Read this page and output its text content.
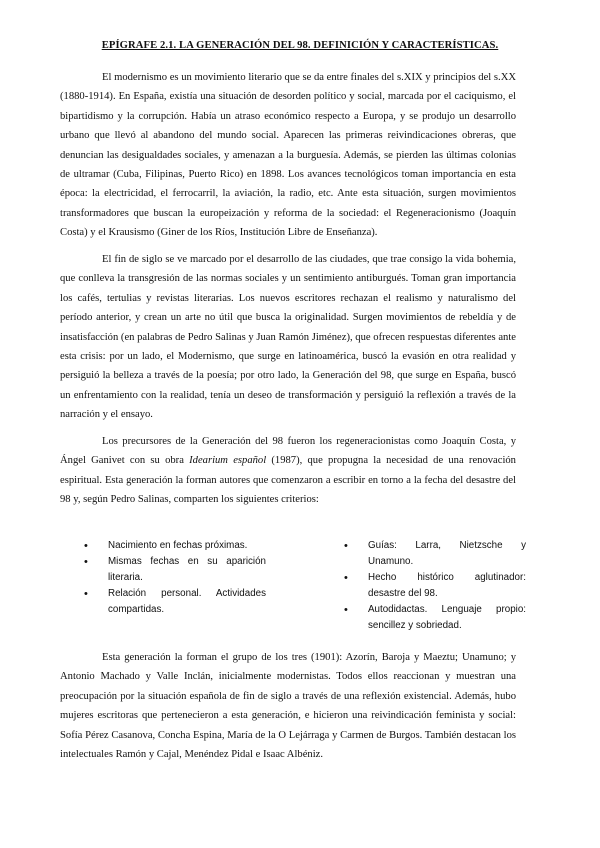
EPÍGRAFE 2.1. LA GENERACIÓN DEL 98. DEFINICIÓN Y CARACTERÍSTICAS.

El modernismo es un movimiento literario que se da entre finales del s.XIX y principios del s.XX (1880-1914). En España, existía una situación de desorden político y social, marcada por el caciquismo, el bipartidismo y la corrupción. Había un atraso económico respecto a Europa, y se produjo un desarrollo urbano que llevó al abandono del mundo social. Aparecen las primeras reivindicaciones obreras, que denuncian las desigualdades sociales, y amenazan a la burguesía. Además, se pierden las últimas colonias de ultramar (Cuba, Filipinas, Puerto Rico) en 1898. Los avances tecnológicos toman importancia en esta época: la electricidad, el ferrocarril, la aviación, la radio, etc. Ante esta situación, surgen movimientos transformadores que buscan la europeización y reforma de la sociedad: el Regeneracionismo (Joaquín Costa) y el Krausismo (Giner de los Ríos, Institución Libre de Enseñanza).

El fin de siglo se ve marcado por el desarrollo de las ciudades, que trae consigo la vida bohemia, que conlleva la transgresión de las normas sociales y un sentimiento antiburgués. Toman gran importancia los cafés, tertulias y revistas literarias. Los nuevos escritores rechazan el realismo y naturalismo del período anterior, y crean un arte no útil que busca la originalidad. Surgen movimientos de rebeldía y de insatisfacción (en palabras de Pedro Salinas y Juan Ramón Jiménez), que ofrecen respuestas diferentes ante esta crisis: por un lado, el Modernismo, que surge en latinoamérica, buscó la evasión en otra realidad y persiguió la belleza a través de la poesía; por otro lado, la Generación del 98, que surge en España, buscó un enfrentamiento con la realidad, tenía un deseo de transformación y persiguió la reflexión a través de la narración y el ensayo.

Los precursores de la Generación del 98 fueron los regeneracionistas como Joaquín Costa, y Ángel Ganivet con su obra Idearium español (1987), que propugna la necesidad de una renovación espiritual. Esta generación la forman autores que comenzaron a escribir en torno a la fecha del desastre del 98 y, según Pedro Salinas, comparten los siguientes criterios:

• Nacimiento en fechas próximas.
• Mismas fechas en su aparición literaria.
• Relación personal. Actividades compartidas.
• Guías: Larra, Nietzsche y Unamuno.
• Hecho histórico aglutinador: desastre del 98.
• Autodidactas. Lenguaje propio: sencillez y sobriedad.

Esta generación la forman el grupo de los tres (1901): Azorín, Baroja y Maeztu; Unamuno; y Antonio Machado y Valle Inclán, inicialmente modernistas. Todos ellos reaccionan y muestran una preocupación por la situación española de fin de siglo a través de una reflexión existencial. Además, hubo mujeres escritoras que pertenecieron a esta generación, e hicieron una reivindicación feminista y social: Sofía Pérez Casanova, Concha Espina, María de la O Lejárraga y Carmen de Burgos. También destacan los intelectuales Ramón y Cajal, Menéndez Pidal e Isaac Albéniz.
